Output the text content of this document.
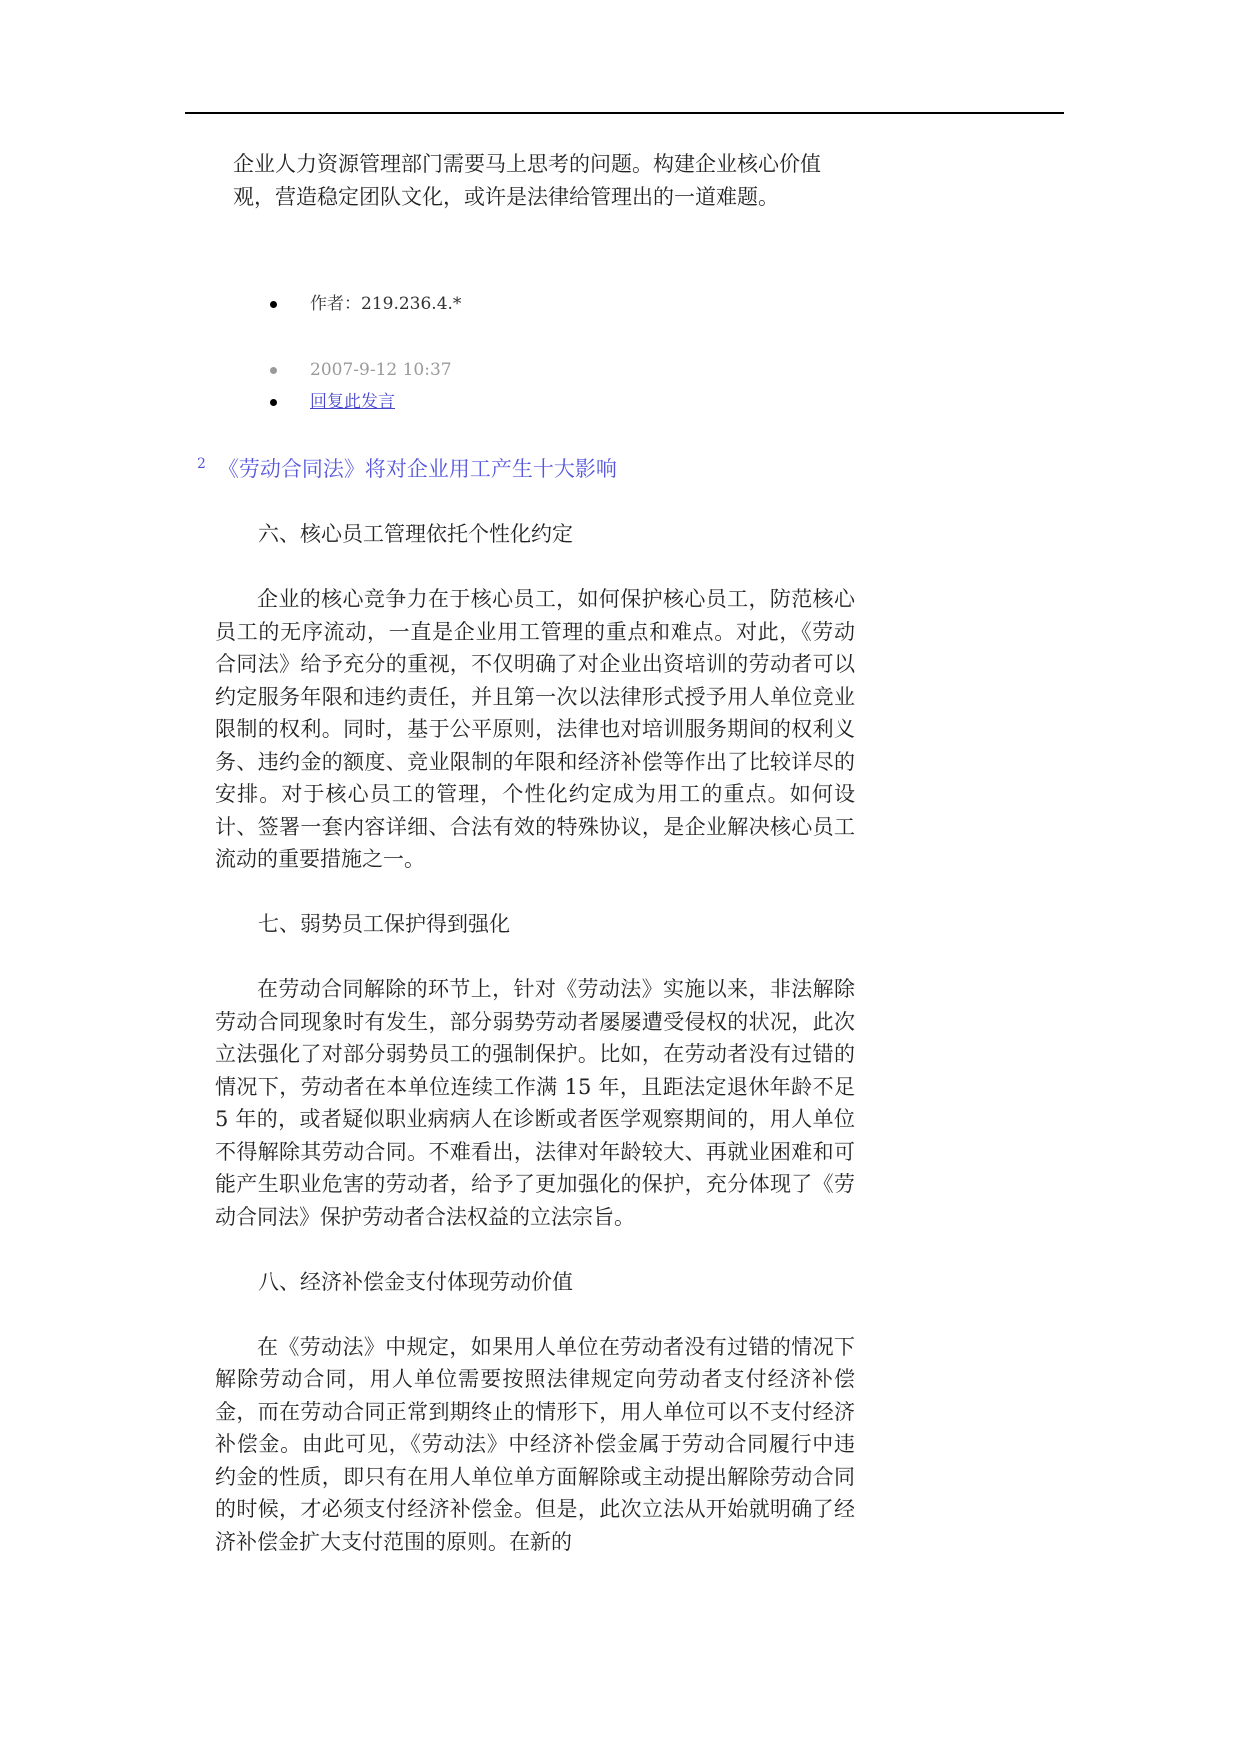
企业人力资源管理部门需要马上思考的问题。构建企业核心价值观，营造稳定团队文化，或许是法律给管理出的一道难题。

作者：219.236.4.*
2007-9-12 10:37
回复此发言
$^2$ 《劳动合同法》将对企业用工产生十大影响

六、核心员工管理依托个性化约定

企业的核心竞争力在于核心员工，如何保护核心员工，防范核心员工的无序流动，一直是企业用工管理的重点和难点。对此，《劳动合同法》给予充分的重视，不仅明确了对企业出资培训的劳动者可以约定服务年限和违约责任，并且第一次以法律形式授予用人单位竞业限制的权利。同时，基于公平原则，法律也对培训服务期间的权利义务、违约金的额度、竞业限制的年限和经济补偿等作出了比较详尽的安排。对于核心员工的管理，个性化约定成为用工的重点。如何设计、签署一套内容详细、合法有效的特殊协议，是企业解决核心员工流动的重要措施之一。

七、弱势员工保护得到强化

在劳动合同解除的环节上，针对《劳动法》实施以来，非法解除劳动合同现象时有发生，部分弱势劳动者屡屡遭受侵权的状况，此次立法强化了对部分弱势员工的强制保护。比如，在劳动者没有过错的情况下，劳动者在本单位连续工作满 15 年，且距法定退休年龄不足 5 年的，或者疑似职业病病人在诊断或者医学观察期间的，用人单位不得解除其劳动合同。不难看出，法律对年龄较大、再就业困难和可能产生职业危害的劳动者，给予了更加强化的保护，充分体现了《劳动合同法》保护劳动者合法权益的立法宗旨。

八、经济补偿金支付体现劳动价值

在《劳动法》中规定，如果用人单位在劳动者没有过错的情况下解除劳动合同，用人单位需要按照法律规定向劳动者支付经济补偿金，而在劳动合同正常到期终止的情形下，用人单位可以不支付经济补偿金。由此可见，《劳动法》中经济补偿金属于劳动合同履行中违约金的性质，即只有在用人单位单方面解除或主动提出解除劳动合同的时候，才必须支付经济补偿金。但是，此次立法从开始就明确了经济补偿金扩大支付范围的原则。在新的
